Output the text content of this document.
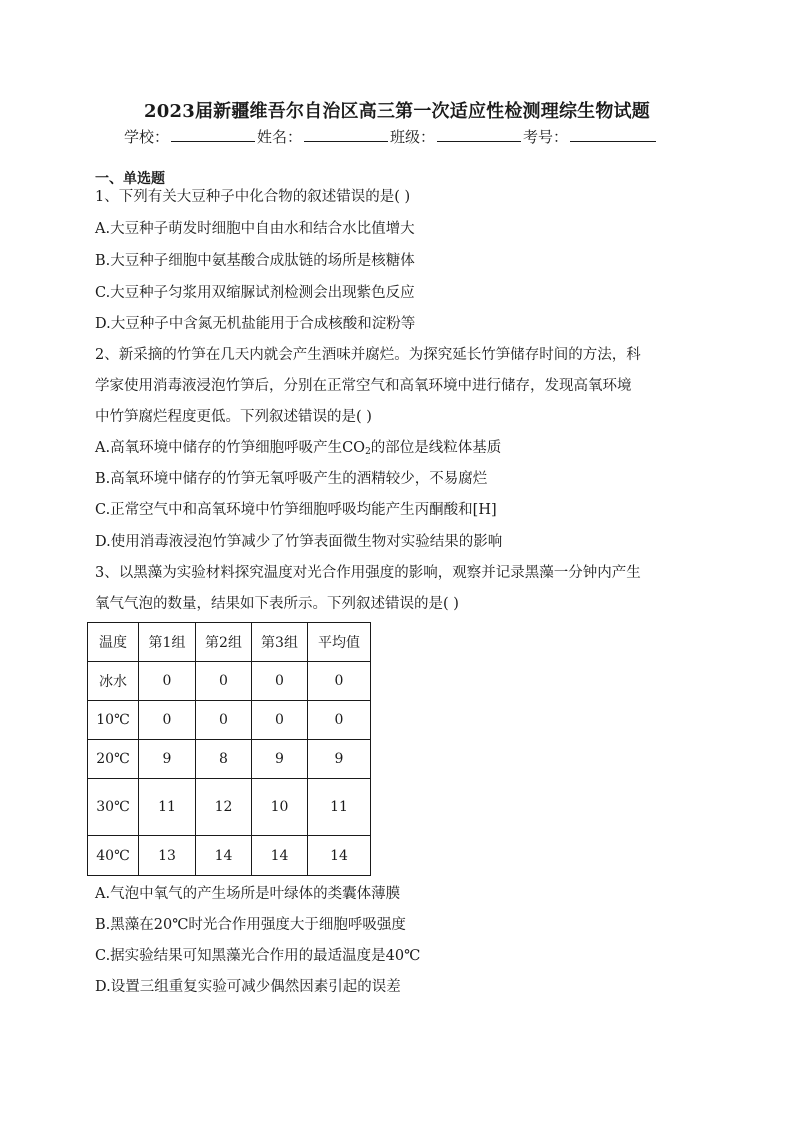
2023届新疆维吾尔自治区高三第一次适应性检测理综生物试题
学校：	姓名：	班级：	考号：
一、单选题
1、下列有关大豆种子中化合物的叙述错误的是( )
A.大豆种子萌发时细胞中自由水和结合水比值增大
B.大豆种子细胞中氨基酸合成肽链的场所是核糖体
C.大豆种子匀浆用双缩脲试剂检测会出现紫色反应
D.大豆种子中含氮无机盐能用于合成核酸和淀粉等
2、新采摘的竹笋在几天内就会产生酒味并腐烂。为探究延长竹笋储存时间的方法，科
学家使用消毒液浸泡竹笋后，分别在正常空气和高氧环境中进行储存，发现高氧环境
中竹笋腐烂程度更低。下列叙述错误的是( )
A.高氧环境中储存的竹笋细胞呼吸产生$CO_2$的部位是线粒体基质
B.高氧环境中储存的竹笋无氧呼吸产生的酒精较少，不易腐烂
C.正常空气中和高氧环境中竹笋细胞呼吸均能产生丙酮酸和[H]
D.使用消毒液浸泡竹笋减少了竹笋表面微生物对实验结果的影响
3、以黑藻为实验材料探究温度对光合作用强度的影响，观察并记录黑藻一分钟内产生
氧气气泡的数量，结果如下表所示。下列叙述错误的是( )
温度	第1组	第2组	第3组	平均值
冰水	0	0	0	0
10℃	0	0	0	0
20℃	9	8	9	9
30℃	11	12	10	11
40℃	13	14	14	14
A.气泡中氧气的产生场所是叶绿体的类囊体薄膜
B.黑藻在20℃时光合作用强度大于细胞呼吸强度
C.据实验结果可知黑藻光合作用的最适温度是40℃
D.设置三组重复实验可减少偶然因素引起的误差
